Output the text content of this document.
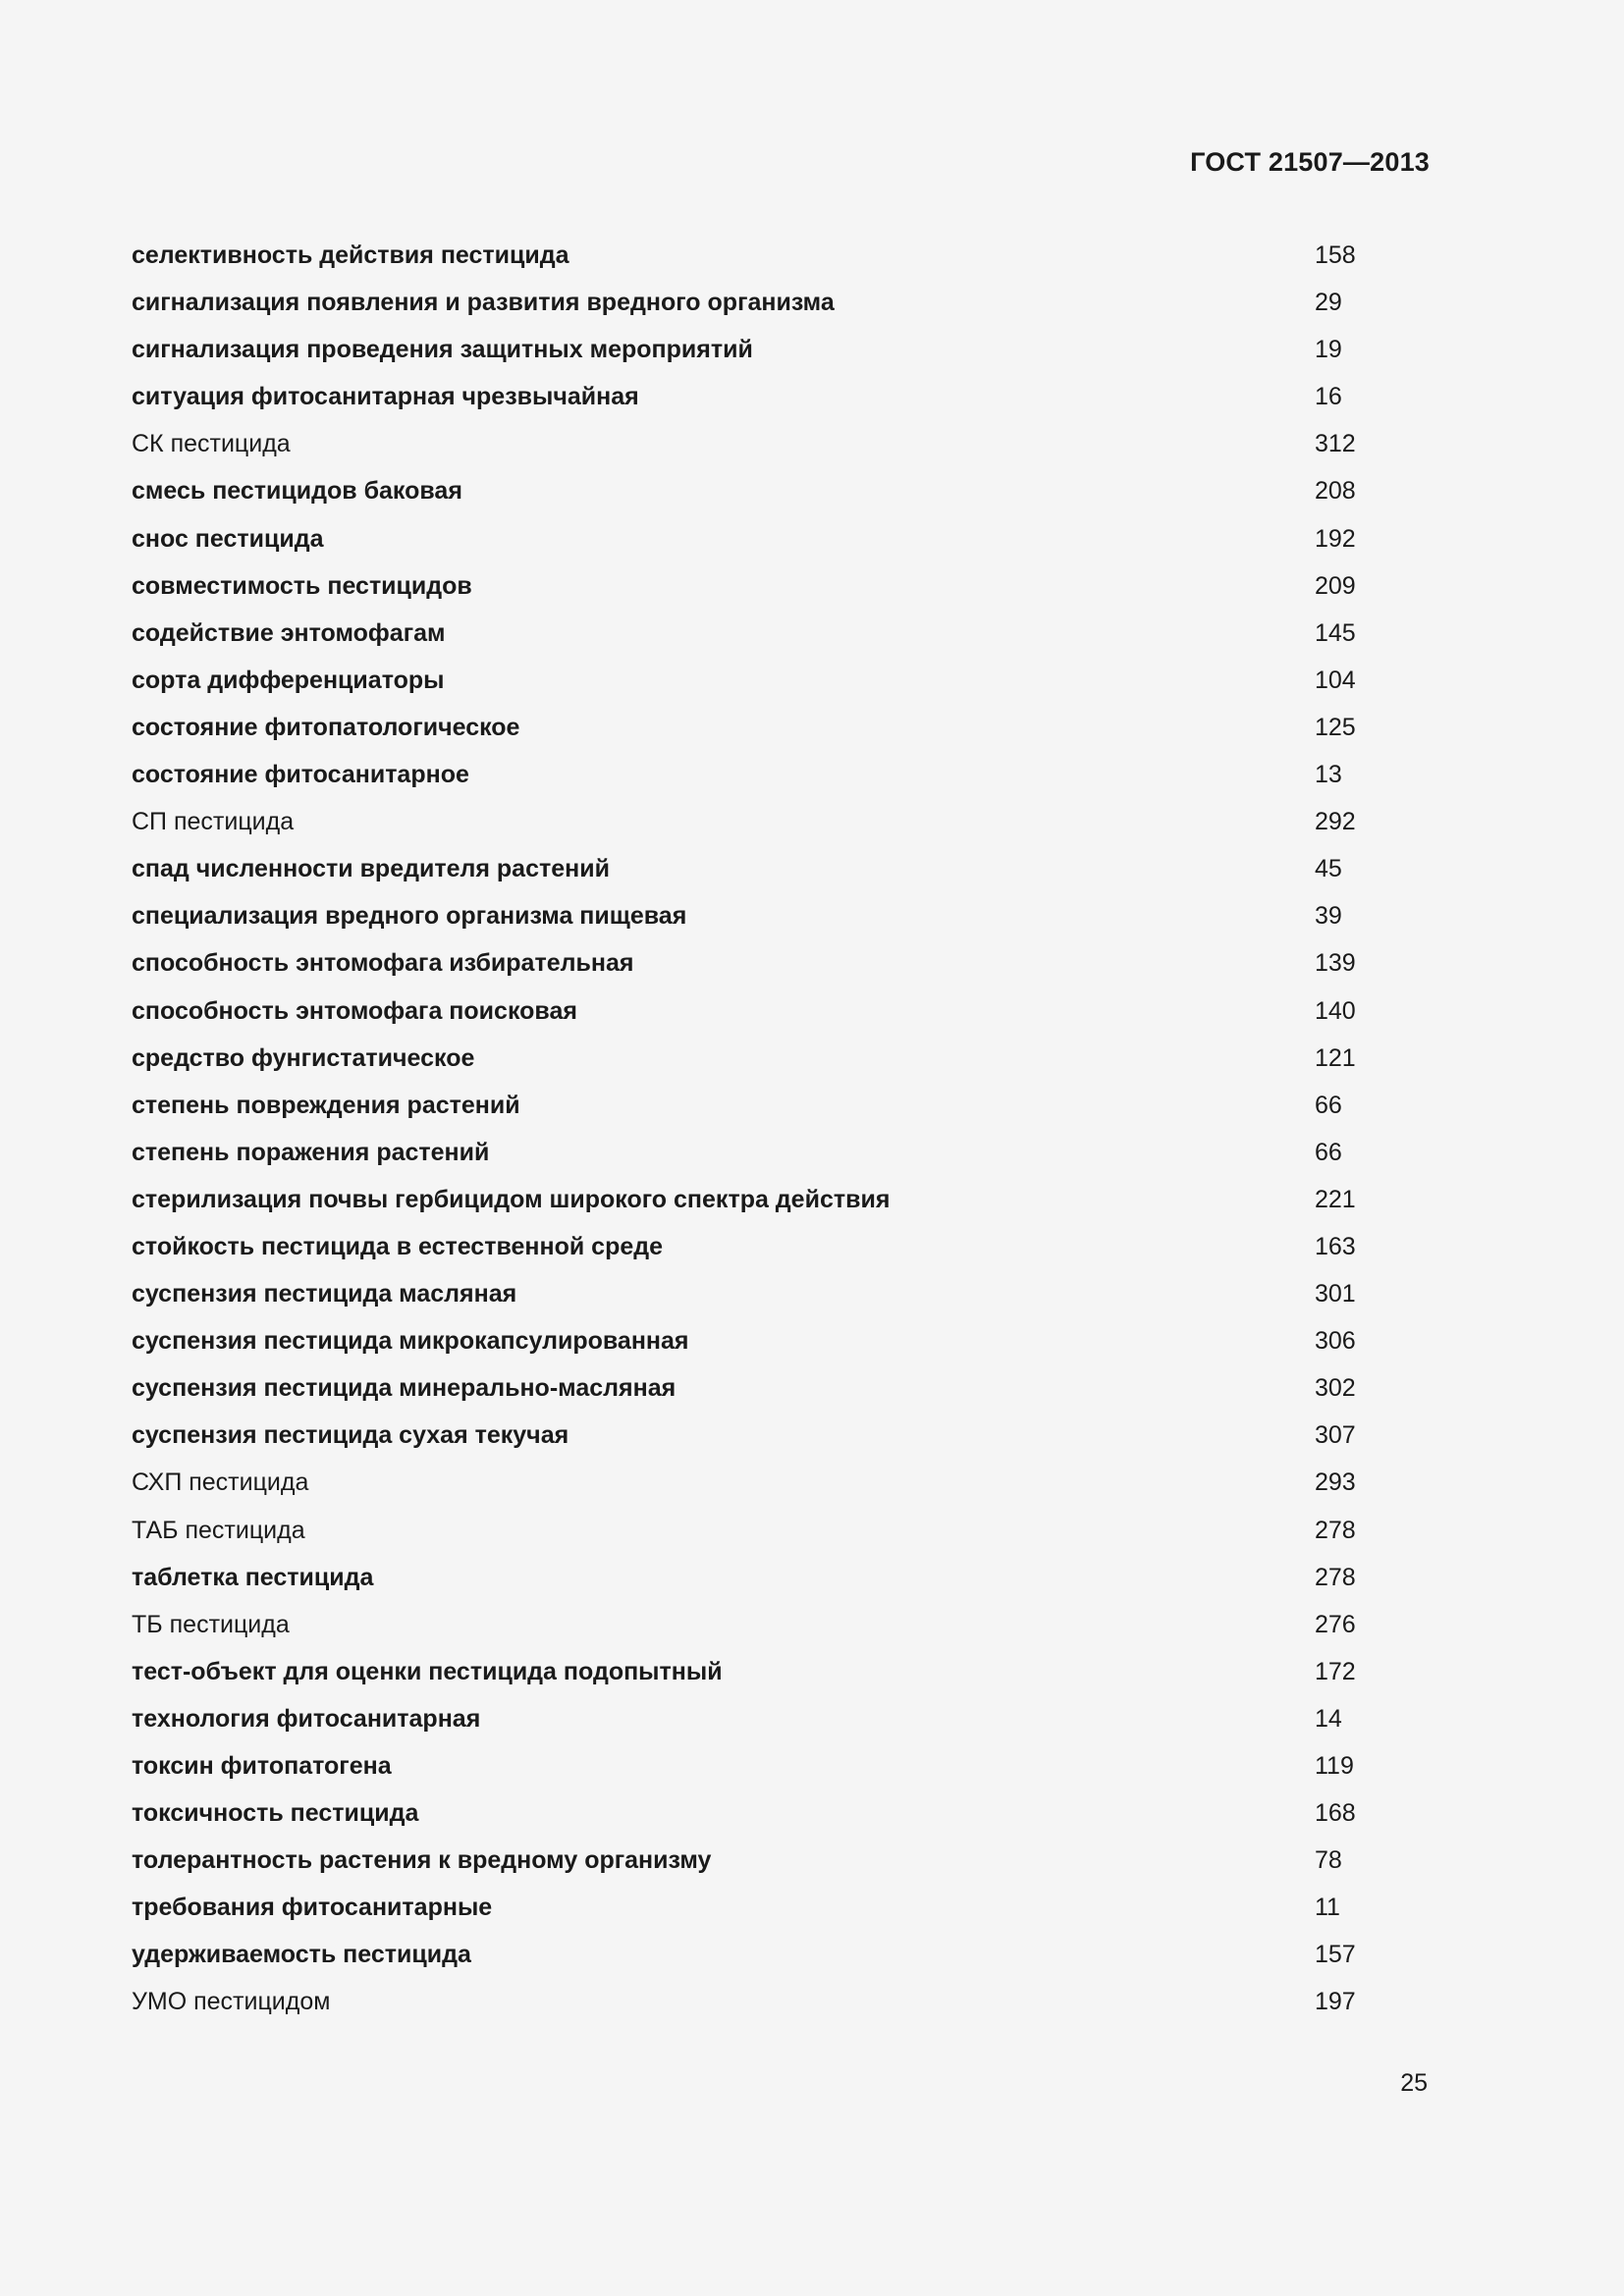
ГОСТ 21507—2013
селективность действия пестицида	158
сигнализация появления и развития вредного организма	29
сигнализация проведения защитных мероприятий	19
ситуация фитосанитарная чрезвычайная	16
СК пестицида	312
смесь пестицидов баковая	208
снос пестицида	192
совместимость пестицидов	209
содействие энтомофагам	145
сорта дифференциаторы	104
состояние фитопатологическое	125
состояние фитосанитарное	13
СП пестицида	292
спад численности вредителя растений	45
специализация вредного организма пищевая	39
способность энтомофага избирательная	139
способность энтомофага поисковая	140
средство фунгистатическое	121
степень повреждения растений	66
степень поражения растений	66
стерилизация почвы гербицидом широкого спектра действия	221
стойкость пестицида в естественной среде	163
суспензия пестицида масляная	301
суспензия пестицида микрокапсулированная	306
суспензия пестицида минерально-масляная	302
суспензия пестицида сухая текучая	307
СХП пестицида	293
ТАБ пестицида	278
таблетка пестицида	278
ТБ пестицида	276
тест-объект для оценки пестицида подопытный	172
технология фитосанитарная	14
токсин фитопатогена	119
токсичность пестицида	168
толерантность растения к вредному организму	78
требования фитосанитарные	11
удерживаемость пестицида	157
УМО пестицидом	197
25
